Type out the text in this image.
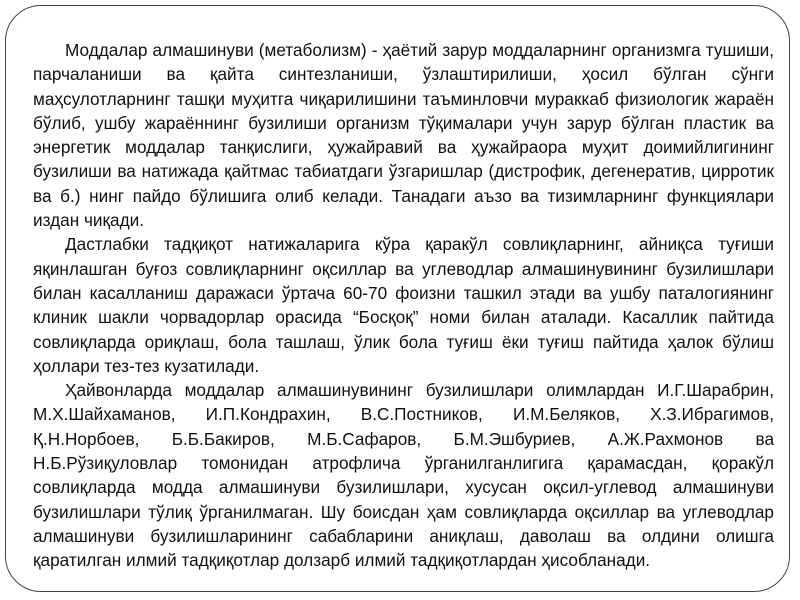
Моддалар алмашинуви (метаболизм) - ҳаётий зарур моддаларнинг организмга тушиши, парчаланиши ва қайта синтезланиши, ўзлаштирилиши, ҳосил бўлган сўнги маҳсулотларнинг ташқи муҳитга чиқарилишини таъминловчи мураккаб физиологик жараён бўлиб, ушбу жараённинг бузилиши организм тўқималари учун зарур бўлган пластик ва энергетик моддалар танқислиги, ҳужайравий ва ҳужайраора муҳит доимийлигининг бузилиши ва натижада қайтмас табиатдаги ўзгаришлар (дистрофик, дегенератив, цирротик ва б.) нинг пайдо бўлишига олиб келади. Танадаги аъзо ва тизимларнинг функциялари издан чиқади.

Дастлабки тадқиқот натижаларига кўра қаракўл совлиқларнинг, айниқса туғиши яқинлашган буғоз совлиқларнинг оқсиллар ва углеводлар алмашинувининг бузилишлари билан касалланиш даражаси ўртача 60-70 фоизни ташкил этади ва ушбу паталогиянинг клиник шакли чорвадорлар орасида “Босқоқ” номи билан аталади. Касаллик пайтида совлиқларда ориқлаш, бола ташлаш, ўлик бола туғиш ёки туғиш пайтида ҳалок бўлиш ҳоллари тез-тез кузатилади.

Ҳайвонларда моддалар алмашинувининг бузилишлари олимлардан И.Г.Шарабрин, М.Х.Шайхаманов, И.П.Кондрахин, В.С.Постников, И.М.Беляков, Х.З.Ибрагимов, Қ.Н.Норбоев, Б.Б.Бакиров, М.Б.Сафаров, Б.М.Эшбуриев, А.Ж.Рахмонов ва Н.Б.Рўзиқуловлар томонидан атрофлича ўрганилганлигига қарамасдан, қоракўл совлиқларда модда алмашинуви бузилишлари, хусусан оқсил-углевод алмашинуви бузилишлари тўлиқ ўрганилмаган. Шу боисдан ҳам совлиқларда оқсиллар ва углеводлар алмашинуви бузилишларининг сабабларини аниқлаш, даволаш ва олдини олишга қаратилган илмий тадқиқотлар долзарб илмий тадқиқотлардан ҳисобланади.
